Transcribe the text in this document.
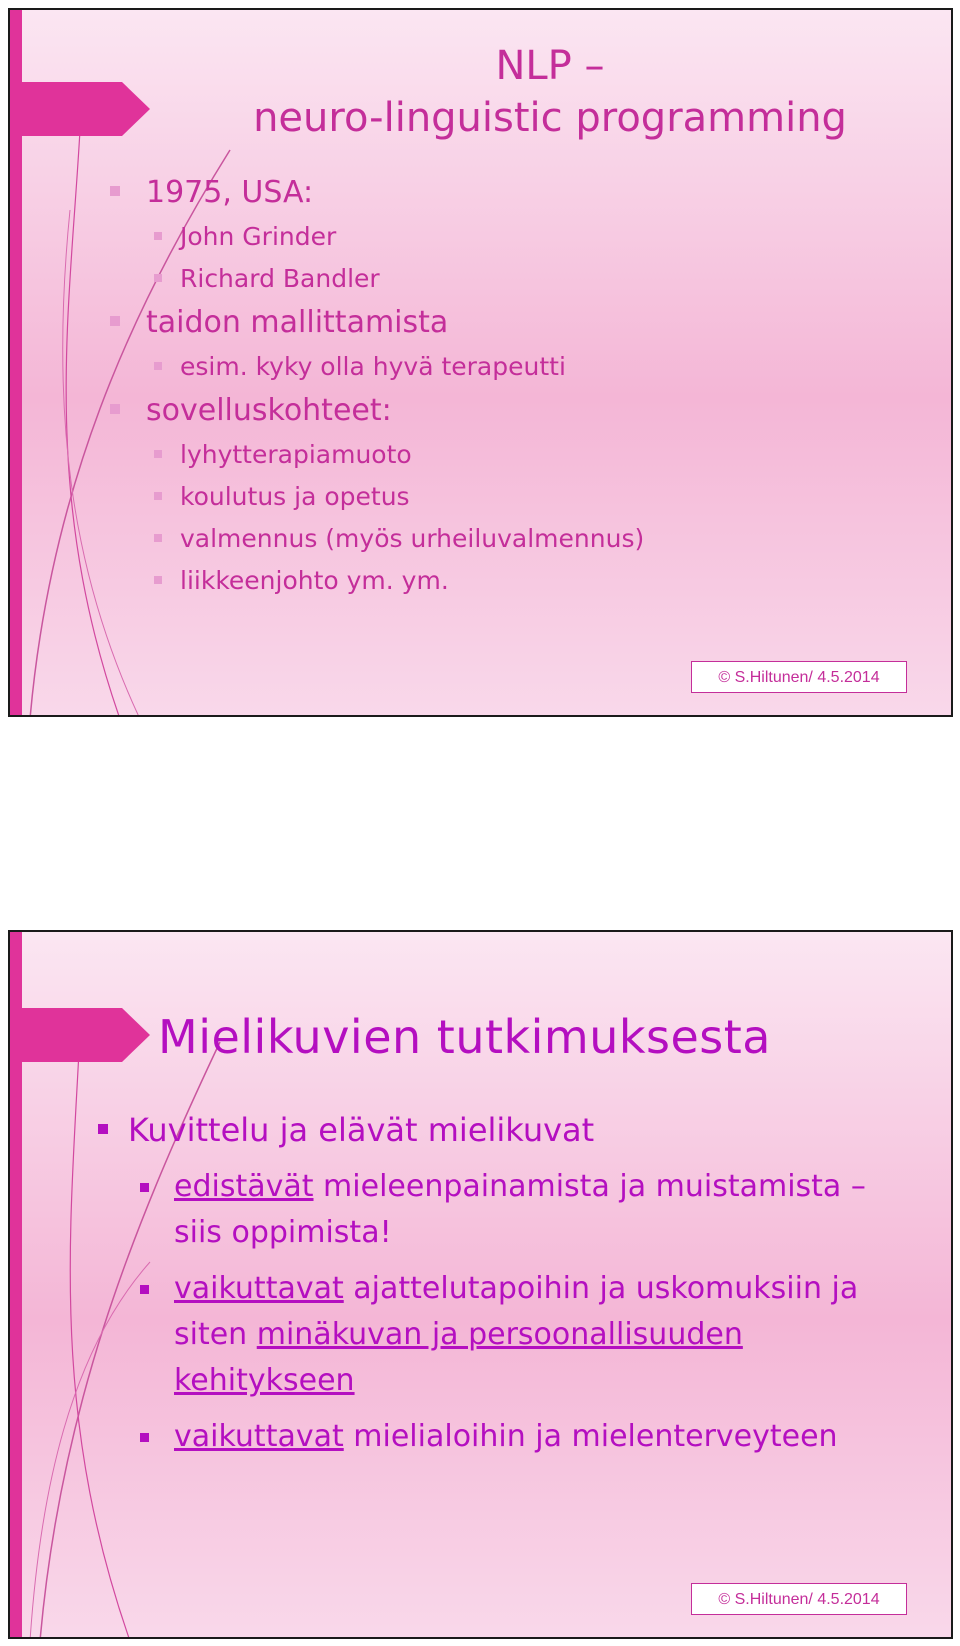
NLP –
neuro-linguistic programming
1975, USA:
John Grinder
Richard Bandler
taidon mallittamista
esim. kyky olla hyvä terapeutti
sovelluskohteet:
lyhytterapiamuoto
koulutus ja opetus
valmennus (myös urheiluvalmennus)
liikkeenjohto ym. ym.
© S.Hiltunen/ 4.5.2014
Mielikuvien tutkimuksesta
Kuvittelu ja elävät mielikuvat
edistävät mieleenpainamista ja muistamista – siis oppimista!
vaikuttavat ajattelutapoihin ja uskomuksiin ja siten minäkuvan ja persoonallisuuden kehitykseen
vaikuttavat mielialoihin ja mielenterveyteen
© S.Hiltunen/ 4.5.2014
